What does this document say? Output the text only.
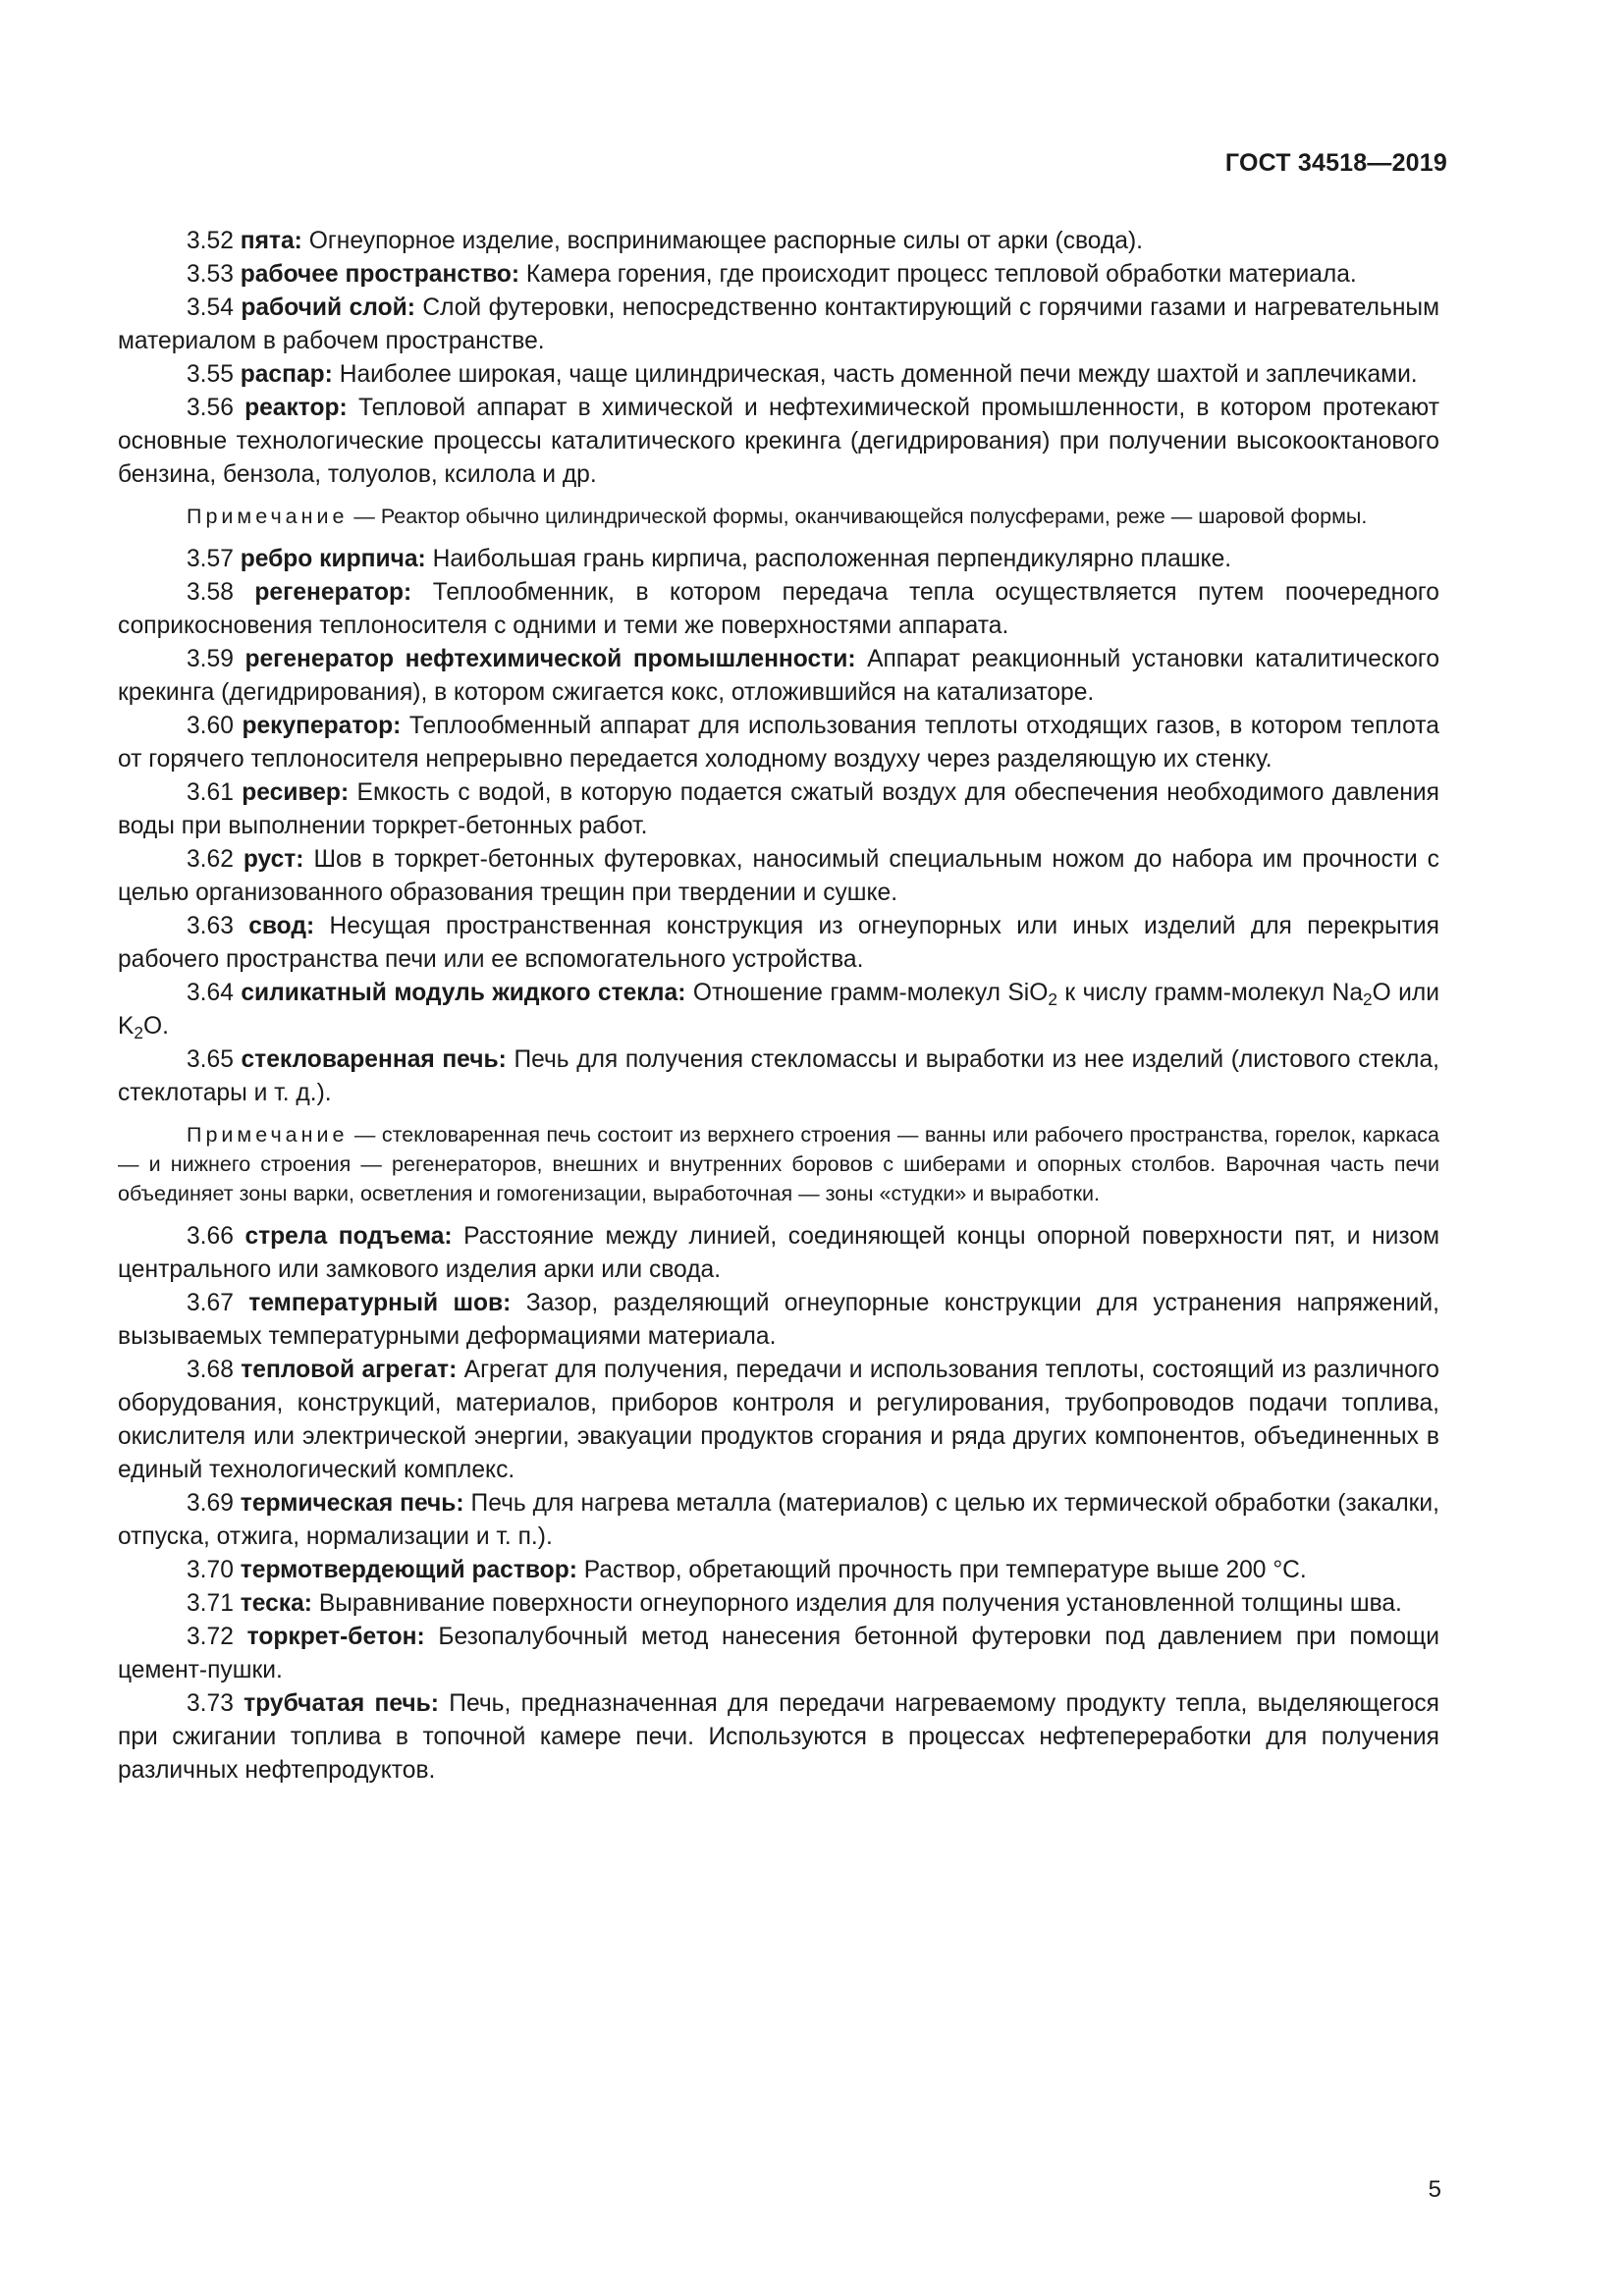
ГОСТ 34518—2019

3.52 пята: Огнеупорное изделие, воспринимающее распорные силы от арки (свода).

3.53 рабочее пространство: Камера горения, где происходит процесс тепловой обработки материала.

3.54 рабочий слой: Слой футеровки, непосредственно контактирующий с горячими газами и нагревательным материалом в рабочем пространстве.

3.55 распар: Наиболее широкая, чаще цилиндрическая, часть доменной печи между шахтой и заплечиками.

3.56 реактор: Тепловой аппарат в химической и нефтехимической промышленности, в котором протекают основные технологические процессы каталитического крекинга (дегидрирования) при получении высокооктанового бензина, бензола, толуолов, ксилола и др.

Примечание — Реактор обычно цилиндрической формы, оканчивающейся полусферами, реже — шаровой формы.

3.57 ребро кирпича: Наибольшая грань кирпича, расположенная перпендикулярно плашке.

3.58 регенератор: Теплообменник, в котором передача тепла осуществляется путем поочередного соприкосновения теплоносителя с одними и теми же поверхностями аппарата.

3.59 регенератор нефтехимической промышленности: Аппарат реакционный установки каталитического крекинга (дегидрирования), в котором сжигается кокс, отложившийся на катализаторе.

3.60 рекуператор: Теплообменный аппарат для использования теплоты отходящих газов, в котором теплота от горячего теплоносителя непрерывно передается холодному воздуху через разделяющую их стенку.

3.61 ресивер: Емкость с водой, в которую подается сжатый воздух для обеспечения необходимого давления воды при выполнении торкрет-бетонных работ.

3.62 руст: Шов в торкрет-бетонных футеровках, наносимый специальным ножом до набора им прочности с целью организованного образования трещин при твердении и сушке.

3.63 свод: Несущая пространственная конструкция из огнеупорных или иных изделий для перекрытия рабочего пространства печи или ее вспомогательного устройства.

3.64 силикатный модуль жидкого стекла: Отношение грамм-молекул SiO$_2$ к числу грамм-молекул $Na_2O$ или $K_2O$.

3.65 стекловаренная печь: Печь для получения стекломассы и выработки из нее изделий (листового стекла, стеклотары и т. д.).

Примечание — стекловаренная печь состоит из верхнего строения — ванны или рабочего пространства, горелок, каркаса — и нижнего строения — регенераторов, внешних и внутренних боровов с шиберами и опорных столбов. Варочная часть печи объединяет зоны варки, осветления и гомогенизации, выработочная — зоны «студки» и выработки.

3.66 стрела подъема: Расстояние между линией, соединяющей концы опорной поверхности пят, и низом центрального или замкового изделия арки или свода.

3.67 температурный шов: Зазор, разделяющий огнеупорные конструкции для устранения напряжений, вызываемых температурными деформациями материала.

3.68 тепловой агрегат: Агрегат для получения, передачи и использования теплоты, состоящий из различного оборудования, конструкций, материалов, приборов контроля и регулирования, трубопроводов подачи топлива, окислителя или электрической энергии, эвакуации продуктов сгорания и ряда других компонентов, объединенных в единый технологический комплекс.

3.69 термическая печь: Печь для нагрева металла (материалов) с целью их термической обработки (закалки, отпуска, отжига, нормализации и т. п.).

3.70 термотвердеющий раствор: Раствор, обретающий прочность при температуре выше 200 °С.

3.71 теска: Выравнивание поверхности огнеупорного изделия для получения установленной толщины шва.

3.72 торкрет-бетон: Безопалубочный метод нанесения бетонной футеровки под давлением при помощи цемент-пушки.

3.73 трубчатая печь: Печь, предназначенная для передачи нагреваемому продукту тепла, выделяющегося при сжигании топлива в топочной камере печи. Используются в процессах нефтепереработки для получения различных нефтепродуктов.

5
